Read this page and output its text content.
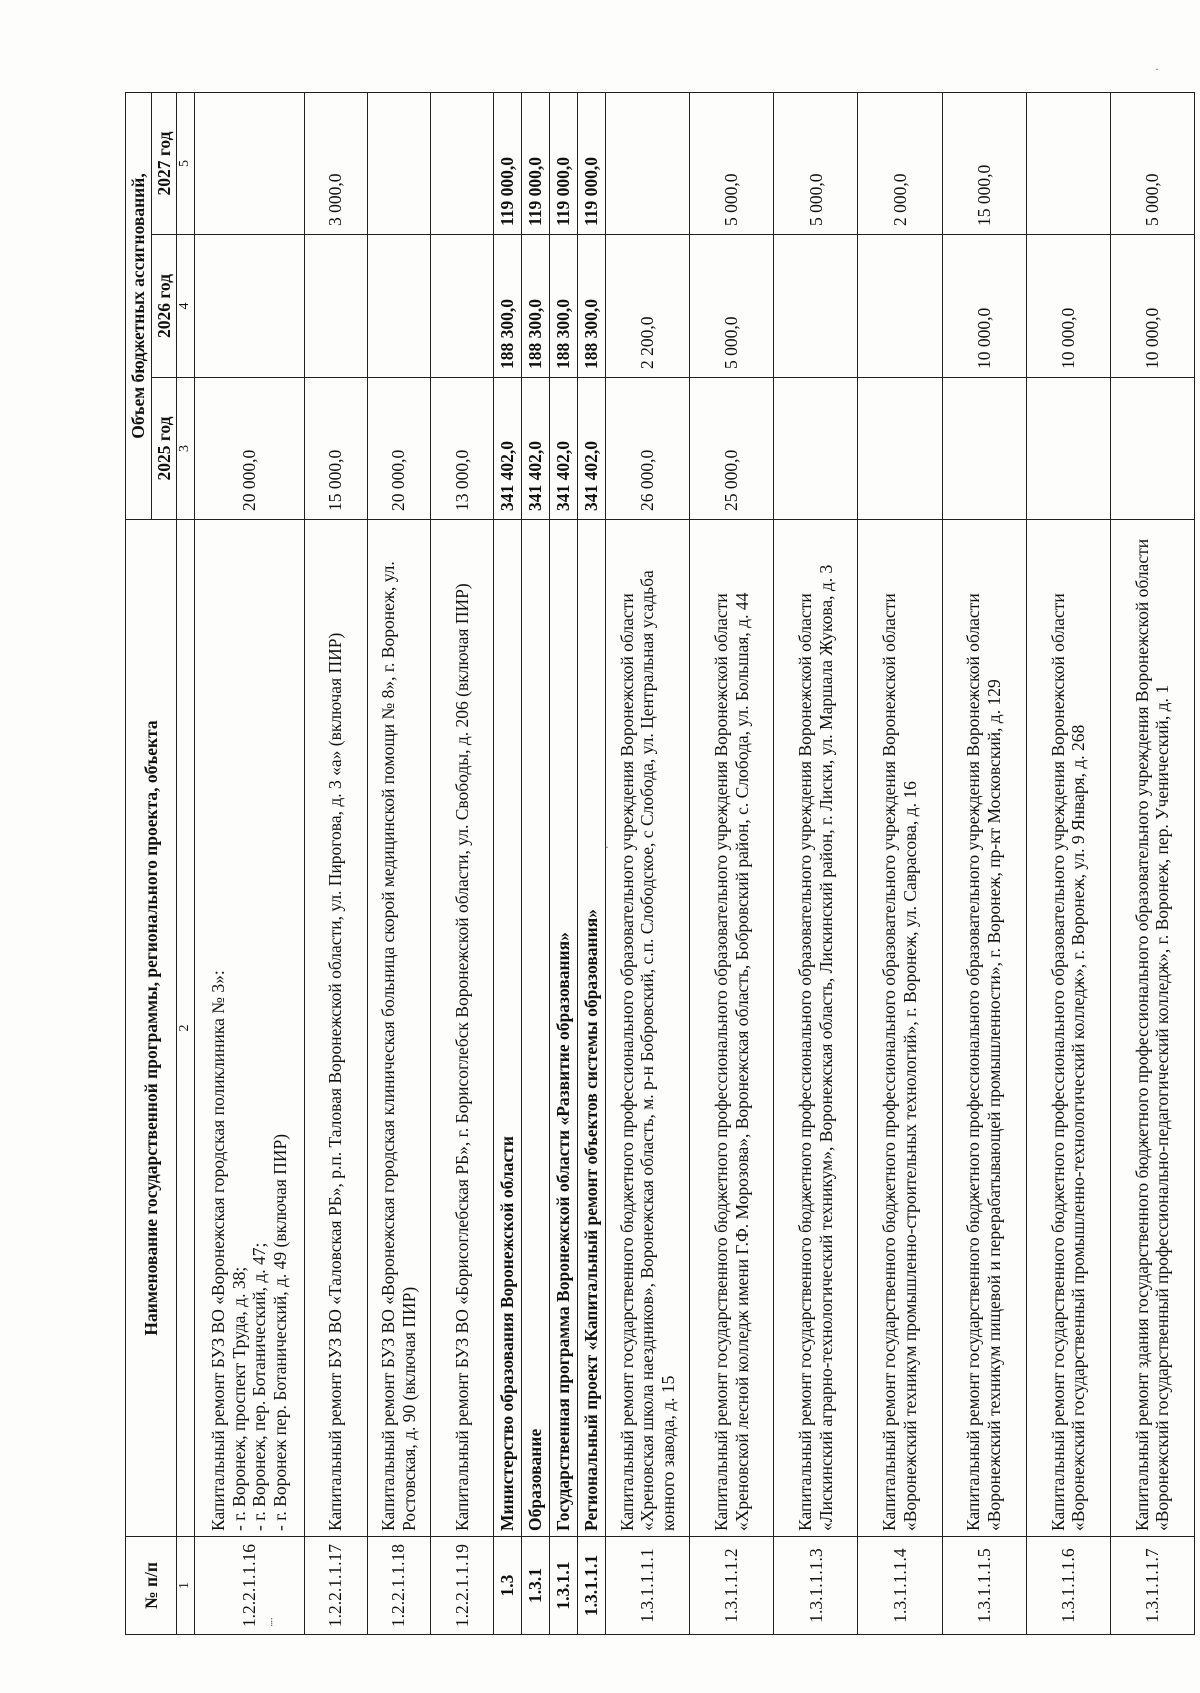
№ п/п	Наименование государственной программы, регионального проекта, объекта	Объем бюджетных ассигнований,		
		2025 год	2026 год	2027 год
1	2	3	4	5
1.2.2.1.1.16	Капитальный ремонт БУЗ ВО «Воронежская городская поликлиника № 3»:
- г. Воронеж, проспект Труда, д. 38;
- г. Воронеж, пер. Ботанический, д. 47;
- г. Воронеж пер. Ботанический, д. 49 (включая ПИР)	20 000,0		
1.2.2.1.1.17	Капитальный ремонт БУЗ ВО «Таловская РБ», р.п. Таловая Воронежской области, ул. Пирогова, д. 3 «а» (включая ПИР)	15 000,0		3 000,0
1.2.2.1.1.18	Капитальный ремонт БУЗ ВО «Воронежская городская клиническая больница скорой медицинской помощи № 8», г. Воронеж, ул. Ростовская, д. 90 (включая ПИР)	20 000,0		
1.2.2.1.1.19	Капитальный ремонт БУЗ ВО «Борисоглебская РБ», г. Борисоглебск Воронежской области, ул. Свободы, д. 206 (включая ПИР)	13 000,0		
1.3	Министерство образования Воронежской области	341 402,0	188 300,0	119 000,0
1.3.1	Образование	341 402,0	188 300,0	119 000,0
1.3.1.1	Государственная программа Воронежской области «Развитие образования»	341 402,0	188 300,0	119 000,0
1.3.1.1.1	Региональный проект «Капитальный ремонт объектов системы образования»	341 402,0	188 300,0	119 000,0
1.3.1.1.1.1	Капитальный ремонт государственного бюджетного профессионального образовательного учреждения Воронежской области «Хреновская школа наездников», Воронежская область, м. р-н Бобровский, с.п. Слободское, с Слобода, ул. Центральная усадьба конного завода, д. 15	26 000,0	2 200,0	
1.3.1.1.1.2	Капитальный ремонт государственного бюджетного профессионального образовательного учреждения Воронежской области «Хреновской лесной колледж имени Г.Ф. Морозова», Воронежская область, Бобровский район, с. Слобода, ул. Большая, д. 44	25 000,0	5 000,0	5 000,0
1.3.1.1.1.3	Капитальный ремонт государственного бюджетного профессионального образовательного учреждения Воронежской области «Лискинский аграрно-технологический техникум», Воронежская область, Лискинский район, г. Лиски, ул. Маршала Жукова, д. 3			5 000,0
1.3.1.1.1.4	Капитальный ремонт государственного бюджетного профессионального образовательного учреждения Воронежской области «Воронежский техникум промышленно-строительных технологий», г. Воронеж, ул. Саврасова, д. 16			2 000,0
1.3.1.1.1.5	Капитальный ремонт государственного бюджетного профессионального образовательного учреждения Воронежской области «Воронежский техникум пищевой и перерабатывающей промышленности», г. Воронеж, пр-кт Московский, д. 129		10 000,0	15 000,0
1.3.1.1.1.6	Капитальный ремонт государственного бюджетного профессионального образовательного учреждения Воронежской области «Воронежский государственный промышленно-технологический колледж», г. Воронеж, ул. 9 Января, д. 268		10 000,0	
1.3.1.1.1.7	Капитальный ремонт здания государственного бюджетного профессионального образовательного учреждения Воронежской области «Воронежский государственный профессионально-педагогический колледж», г. Воронеж, пер. Ученический, д. 1		10 000,0	5 000,0
⁞
·
·
